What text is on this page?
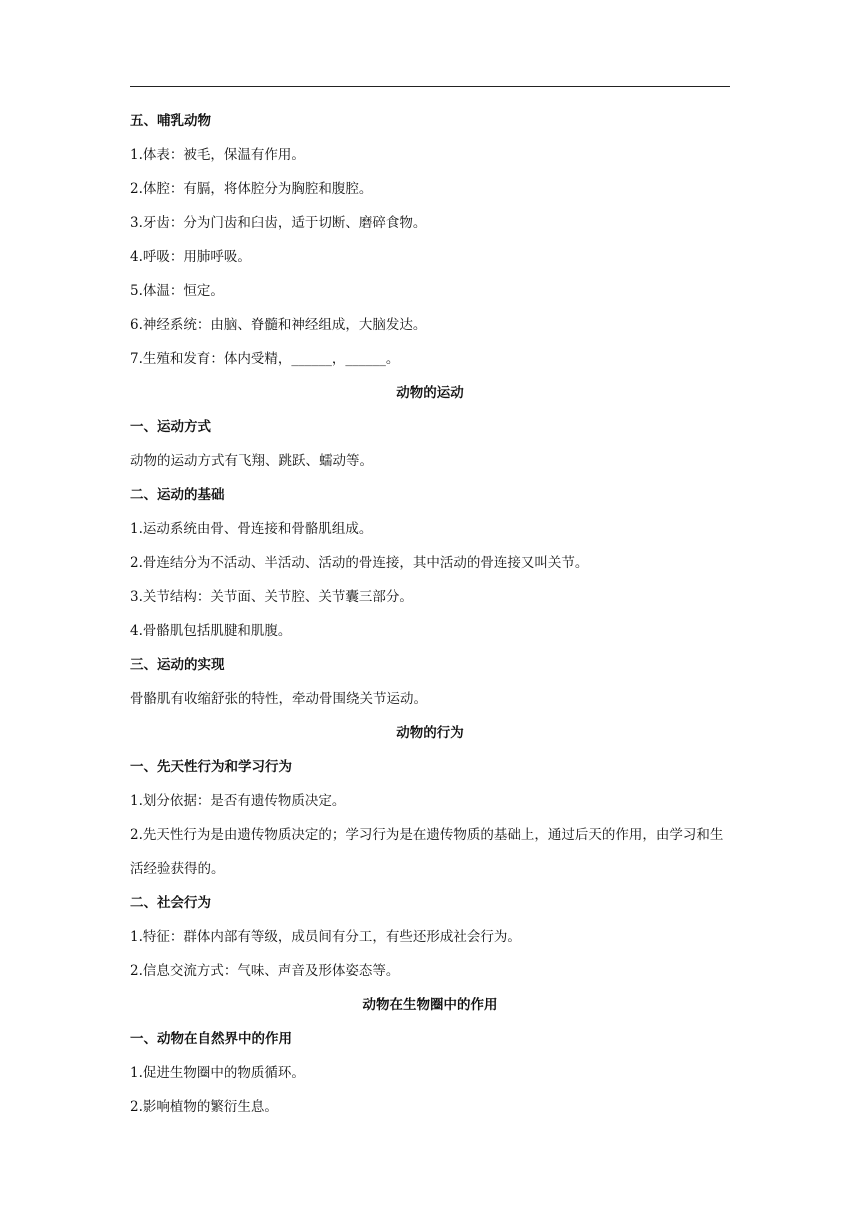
五、哺乳动物
1.体表：被毛，保温有作用。
2.体腔：有膈，将体腔分为胸腔和腹腔。
3.牙齿：分为门齿和臼齿，适于切断、磨碎食物。
4.呼吸：用肺呼吸。
5.体温：恒定。
6.神经系统：由脑、脊髓和神经组成，大脑发达。
7.生殖和发育：体内受精，______，______。
动物的运动
一、运动方式
动物的运动方式有飞翔、跳跃、蠕动等。
二、运动的基础
1.运动系统由骨、骨连接和骨骼肌组成。
2.骨连结分为不活动、半活动、活动的骨连接，其中活动的骨连接又叫关节。
3.关节结构：关节面、关节腔、关节囊三部分。
4.骨骼肌包括肌腱和肌腹。
三、运动的实现
骨骼肌有收缩舒张的特性，牵动骨围绕关节运动。
动物的行为
一、先天性行为和学习行为
1.划分依据：是否有遗传物质决定。
2.先天性行为是由遗传物质决定的；学习行为是在遗传物质的基础上，通过后天的作用，由学习和生活经验获得的。
二、社会行为
1.特征：群体内部有等级，成员间有分工，有些还形成社会行为。
2.信息交流方式：气味、声音及形体姿态等。
动物在生物圈中的作用
一、动物在自然界中的作用
1.促进生物圈中的物质循环。
2.影响植物的繁衍生息。
